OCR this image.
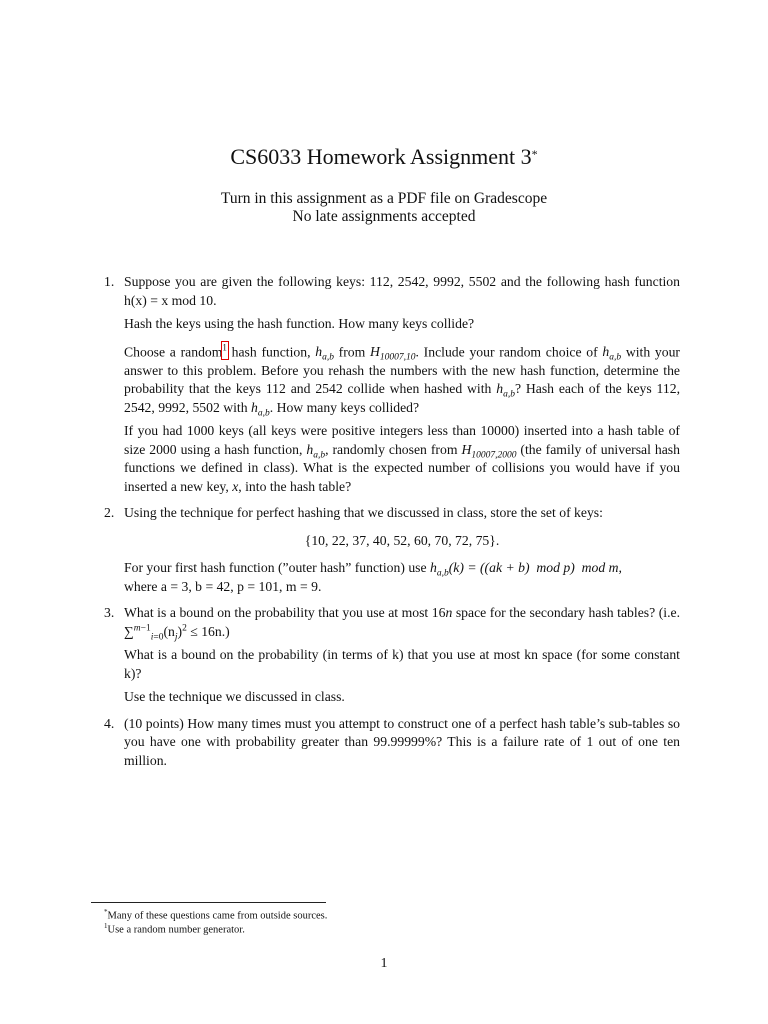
CS6033 Homework Assignment 3*
Turn in this assignment as a PDF file on Gradescope
No late assignments accepted
1. Suppose you are given the following keys: 112, 2542, 9992, 5502 and the following hash function h(x) = x mod 10.

Hash the keys using the hash function. How many keys collide?

Choose a random
$^1$ hash function, $h_{a,b}$ from $H_{10007,10}$. Include your random choice of $h_{a,b}$ with your answer to this problem. Before you rehash the numbers with the new hash function, determine the probability that the keys 112 and 2542 collide when hashed with $h_{a,b}$? Hash each of the keys 112, 2542, 9992, 5502 with $h_{a,b}$. How many keys collided?

If you had 1000 keys (all keys were positive integers less than 10000) inserted into a hash table of size 2000 using a hash function, $h_{a,b}$, randomly chosen from $H_{10007,2000}$ (the family of universal hash functions we defined in class). What is the expected number of collisions you would have if you inserted a new key, x, into the hash table?

2. Using the technique for perfect hashing that we discussed in class, store the set of keys:

{10, 22, 37, 40, 52, 60, 70, 72, 75}.

For your first hash function (”outer hash” function) use $h_{a,b}(k) = ((ak + b)$  mod p)  mod m,
where a = 3, b = 42, p = 101, m = 9.

3. What is a bound on the probability that you use at most 16n space for the secondary hash tables? (i.e. $\sum^{m-1}_{i=0}(n_j)^2 \le 16n$.)

What is a bound on the probability (in terms of k) that you use at most kn space (for some constant k)?

Use the technique we discussed in class.

4. (10 points) How many times must you attempt to construct one of a perfect hash table’s sub-tables so you have one with probability greater than 99.99999%? This is a failure rate of 1 out of one ten million.

*Many of these questions came from outside sources.
$^1$Use a random number generator.
1
